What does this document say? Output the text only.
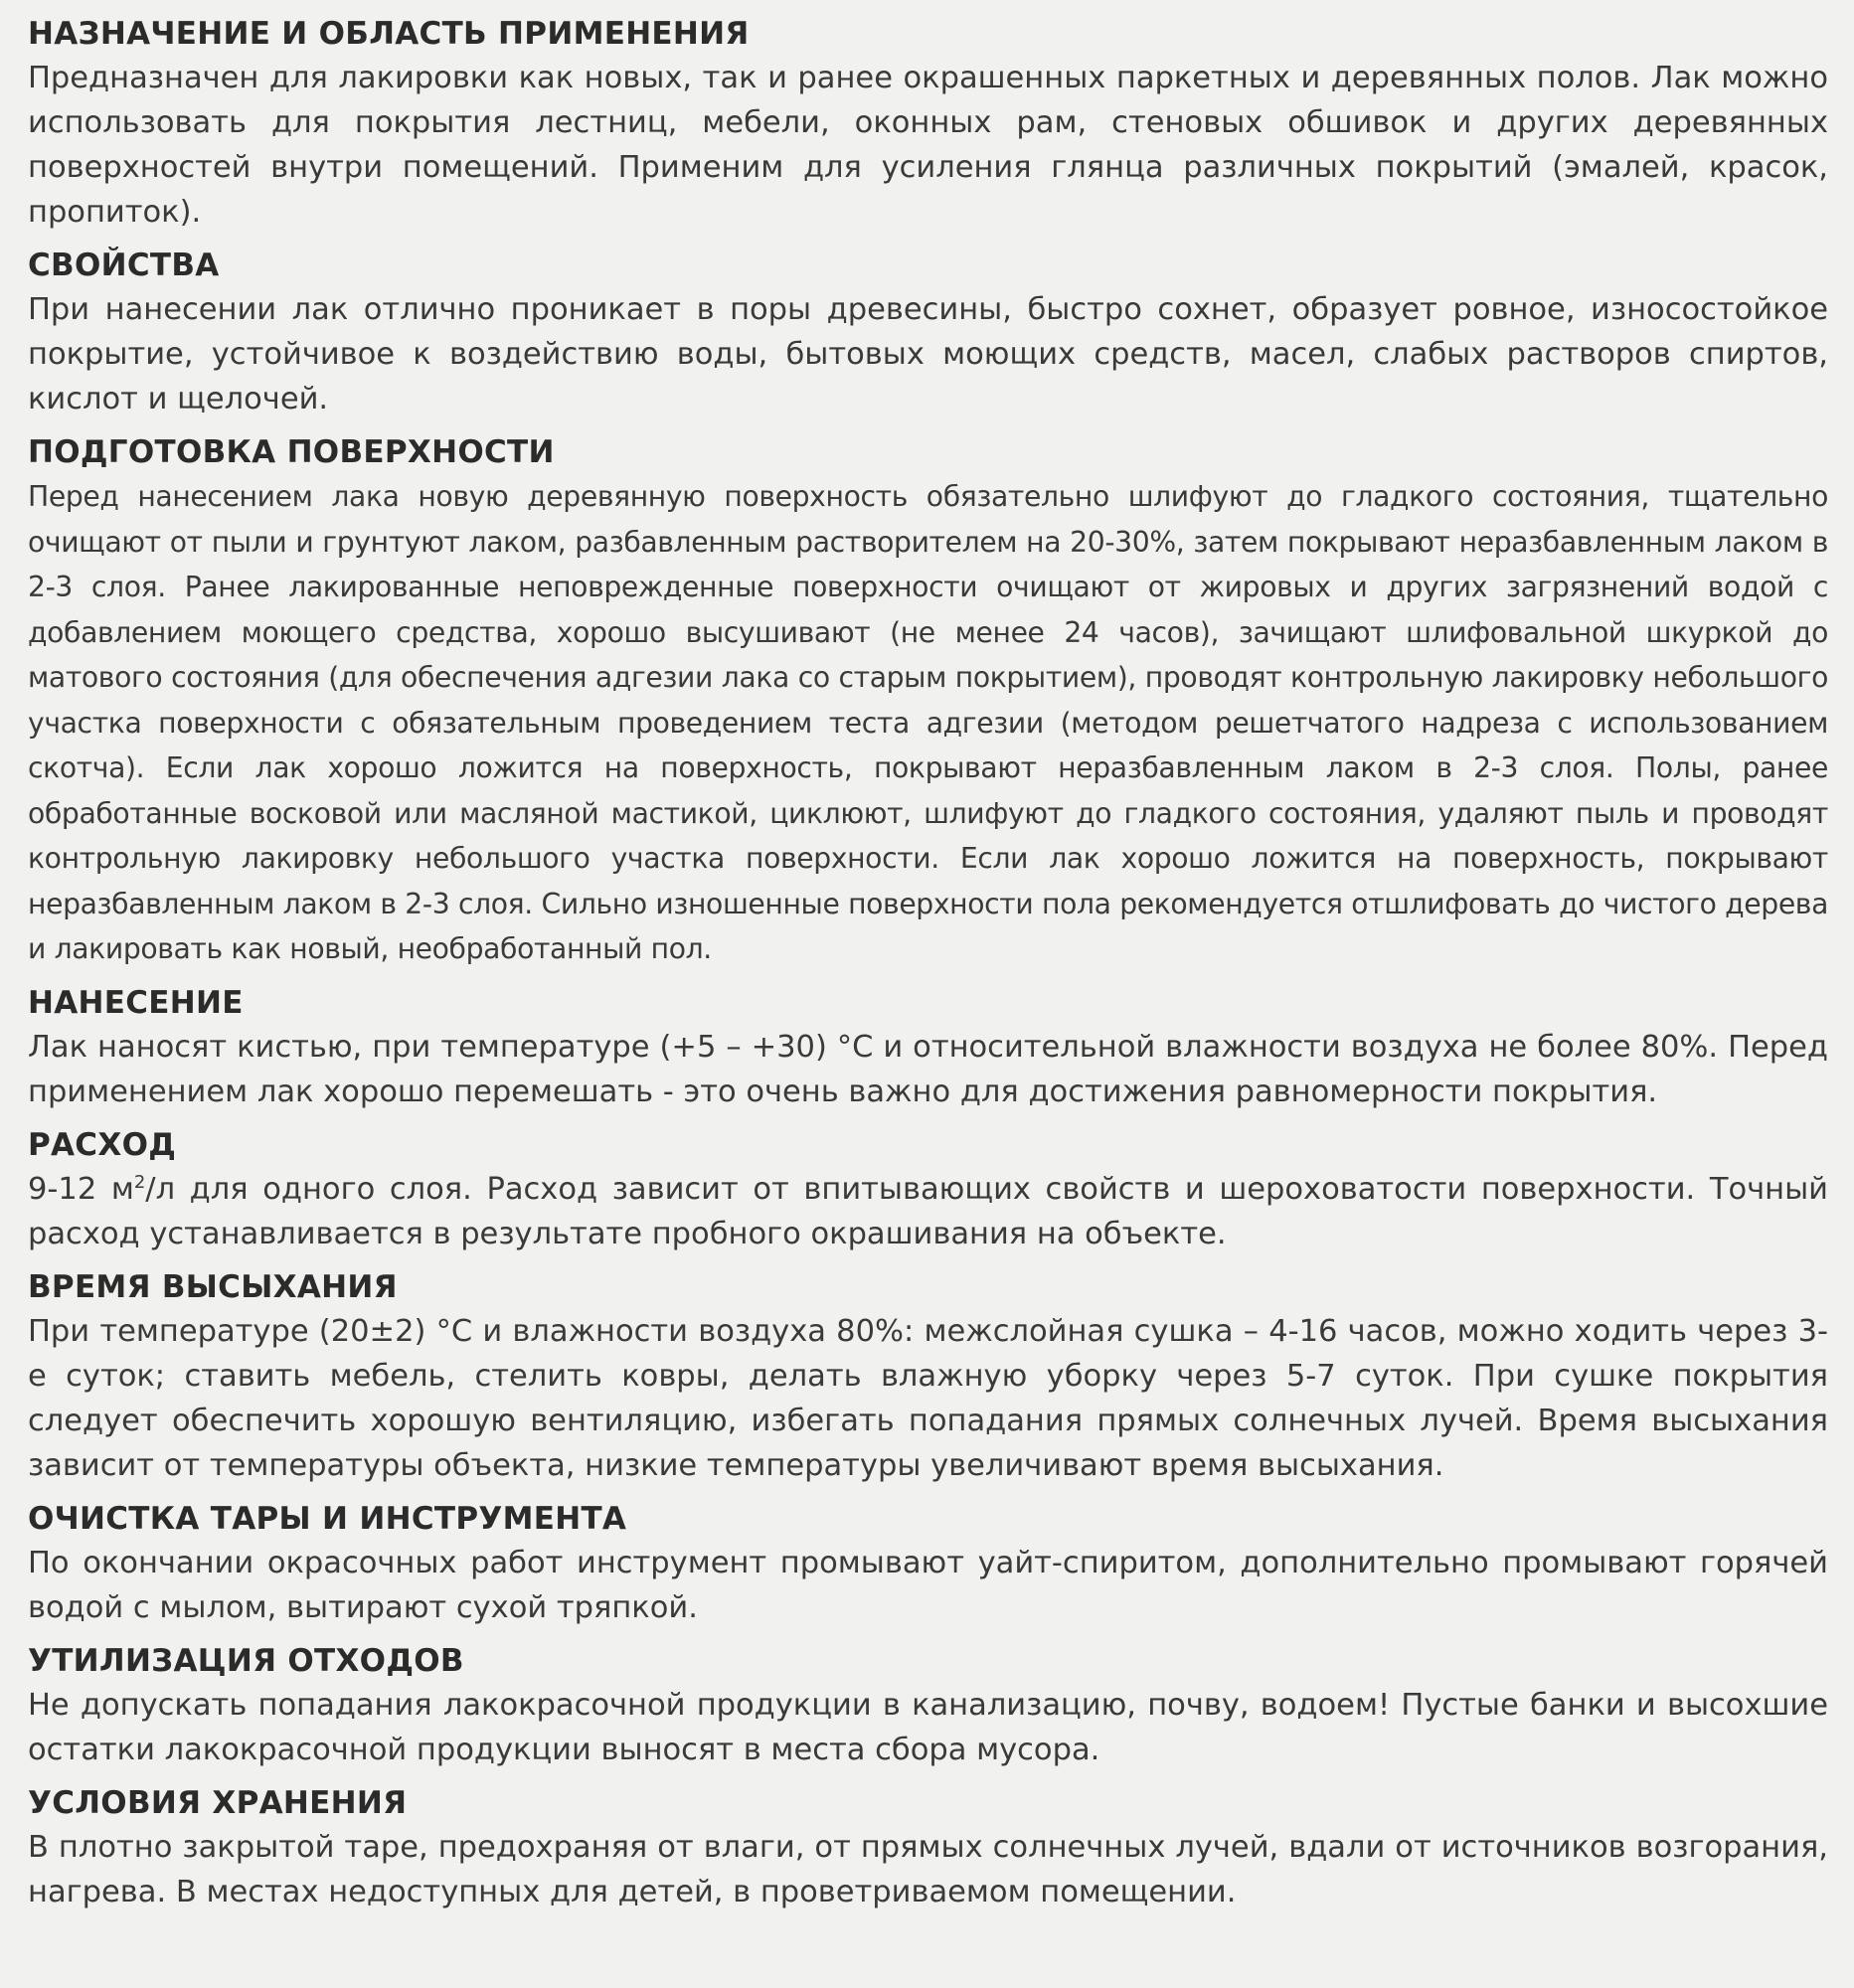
НАЗНАЧЕНИЕ И ОБЛАСТЬ ПРИМЕНЕНИЯ

Предназначен для лакировки как новых, так и ранее окрашенных паркетных и деревянных полов. Лак можно использовать для покрытия лестниц, мебели, оконных рам, стеновых обшивок и других деревянных поверхностей внутри помещений. Применим для усиления глянца различных покрытий (эмалей, красок, пропиток).

СВОЙСТВА

При нанесении лак отлично проникает в поры древесины, быстро сохнет, образует ровное, износостойкое покрытие, устойчивое к воздействию воды, бытовых моющих средств, масел, слабых растворов спиртов, кислот и щелочей.

ПОДГОТОВКА ПОВЕРХНОСТИ

Перед нанесением лака новую деревянную поверхность обязательно шлифуют до гладкого состояния, тщательно очищают от пыли и грунтуют лаком, разбавленным растворителем на 20-30%, затем покрывают неразбавленным лаком в 2-3 слоя. Ранее лакированные неповрежденные поверхности очищают от жировых и других загрязнений водой с добавлением моющего средства, хорошо высушивают (не менее 24 часов), зачищают шлифовальной шкуркой до матового состояния (для обеспечения адгезии лака со старым покрытием), проводят контрольную лакировку небольшого участка поверхности с обязательным проведением теста адгезии (методом решетчатого надреза с использованием скотча). Если лак хорошо ложится на поверхность, покрывают неразбавленным лаком в 2-3 слоя. Полы, ранее обработанные восковой или масляной мастикой, циклюют, шлифуют до гладкого состояния, удаляют пыль и проводят контрольную лакировку небольшого участка поверхности. Если лак хорошо ложится на поверхность, покрывают неразбавленным лаком в 2-3 слоя. Сильно изношенные поверхности пола рекомендуется отшлифовать до чистого дерева и лакировать как новый, необработанный пол.

НАНЕСЕНИЕ

Лак наносят кистью, при температуре (+5 – +30) °С и относительной влажности воздуха не более 80%. Перед применением лак хорошо перемешать - это очень важно для достижения равномерности покрытия.

РАСХОД

9-12 $м^2/л$ для одного слоя. Расход зависит от впитывающих свойств и шероховатости поверхности. Точный расход устанавливается в результате пробного окрашивания на объекте.

ВРЕМЯ ВЫСЫХАНИЯ

При температуре (20±2) °С и влажности воздуха 80%: межслойная сушка – 4-16 часов, можно ходить через 3-е суток; ставить мебель, стелить ковры, делать влажную уборку через 5-7 суток. При сушке покрытия следует обеспечить хорошую вентиляцию, избегать попадания прямых солнечных лучей. Время высыхания зависит от температуры объекта, низкие температуры увеличивают время высыхания.

ОЧИСТКА ТАРЫ И ИНСТРУМЕНТА

По окончании окрасочных работ инструмент промывают уайт-спиритом, дополнительно промывают горячей водой с мылом, вытирают сухой тряпкой.

УТИЛИЗАЦИЯ ОТХОДОВ

Не допускать попадания лакокрасочной продукции в канализацию, почву, водоем! Пустые банки и высохшие остатки лакокрасочной продукции выносят в места сбора мусора.

УСЛОВИЯ ХРАНЕНИЯ

В плотно закрытой таре, предохраняя от влаги, от прямых солнечных лучей, вдали от источников возгорания, нагрева. В местах недоступных для детей, в проветриваемом помещении.
